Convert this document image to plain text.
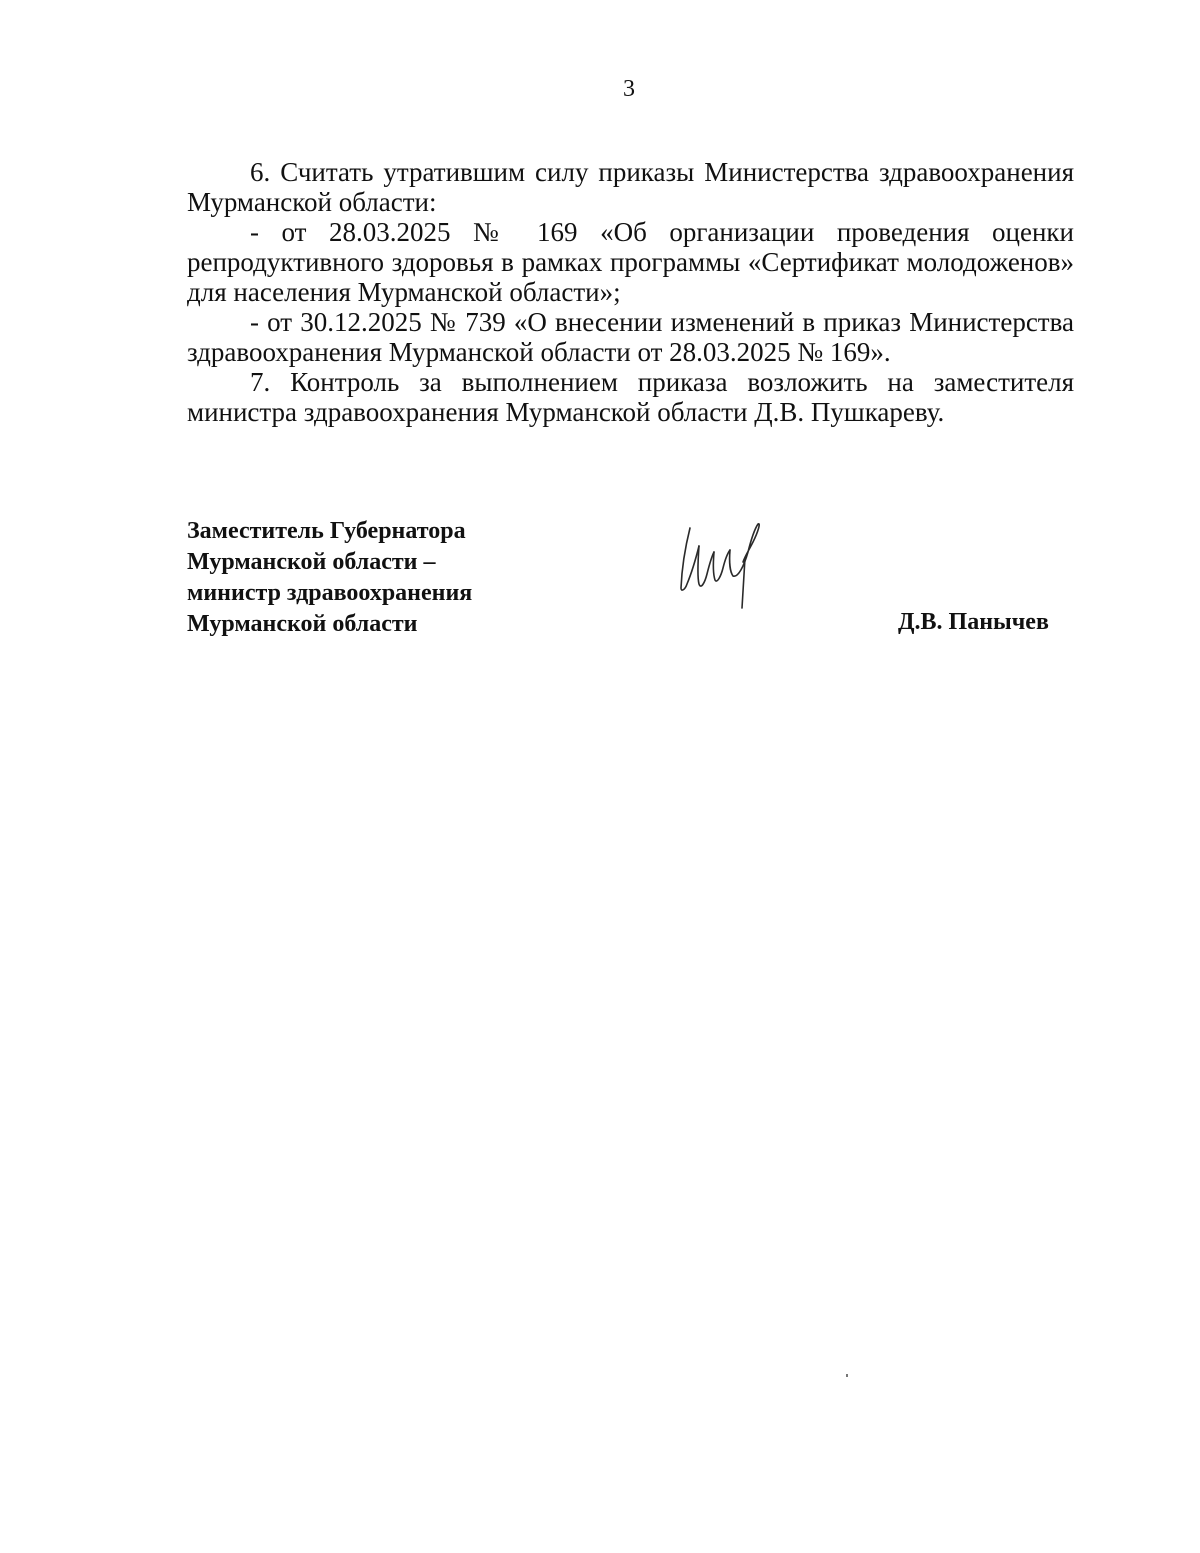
3

6. Считать утратившим силу приказы Министерства здравоохранения Мурманской области:

- от 28.03.2025 № 169 «Об организации проведения оценки репродуктивного здоровья в рамках программы «Сертификат молодоженов» для населения Мурманской области»;

- от 30.12.2025 № 739 «О внесении изменений в приказ Министерства здравоохранения Мурманской области от 28.03.2025 № 169».

7. Контроль за выполнением приказа возложить на заместителя министра здравоохранения Мурманской области Д.В. Пушкареву.

Заместитель Губернатора
Мурманской области –
министр здравоохранения
Мурманской области	Д.В. Панычев
